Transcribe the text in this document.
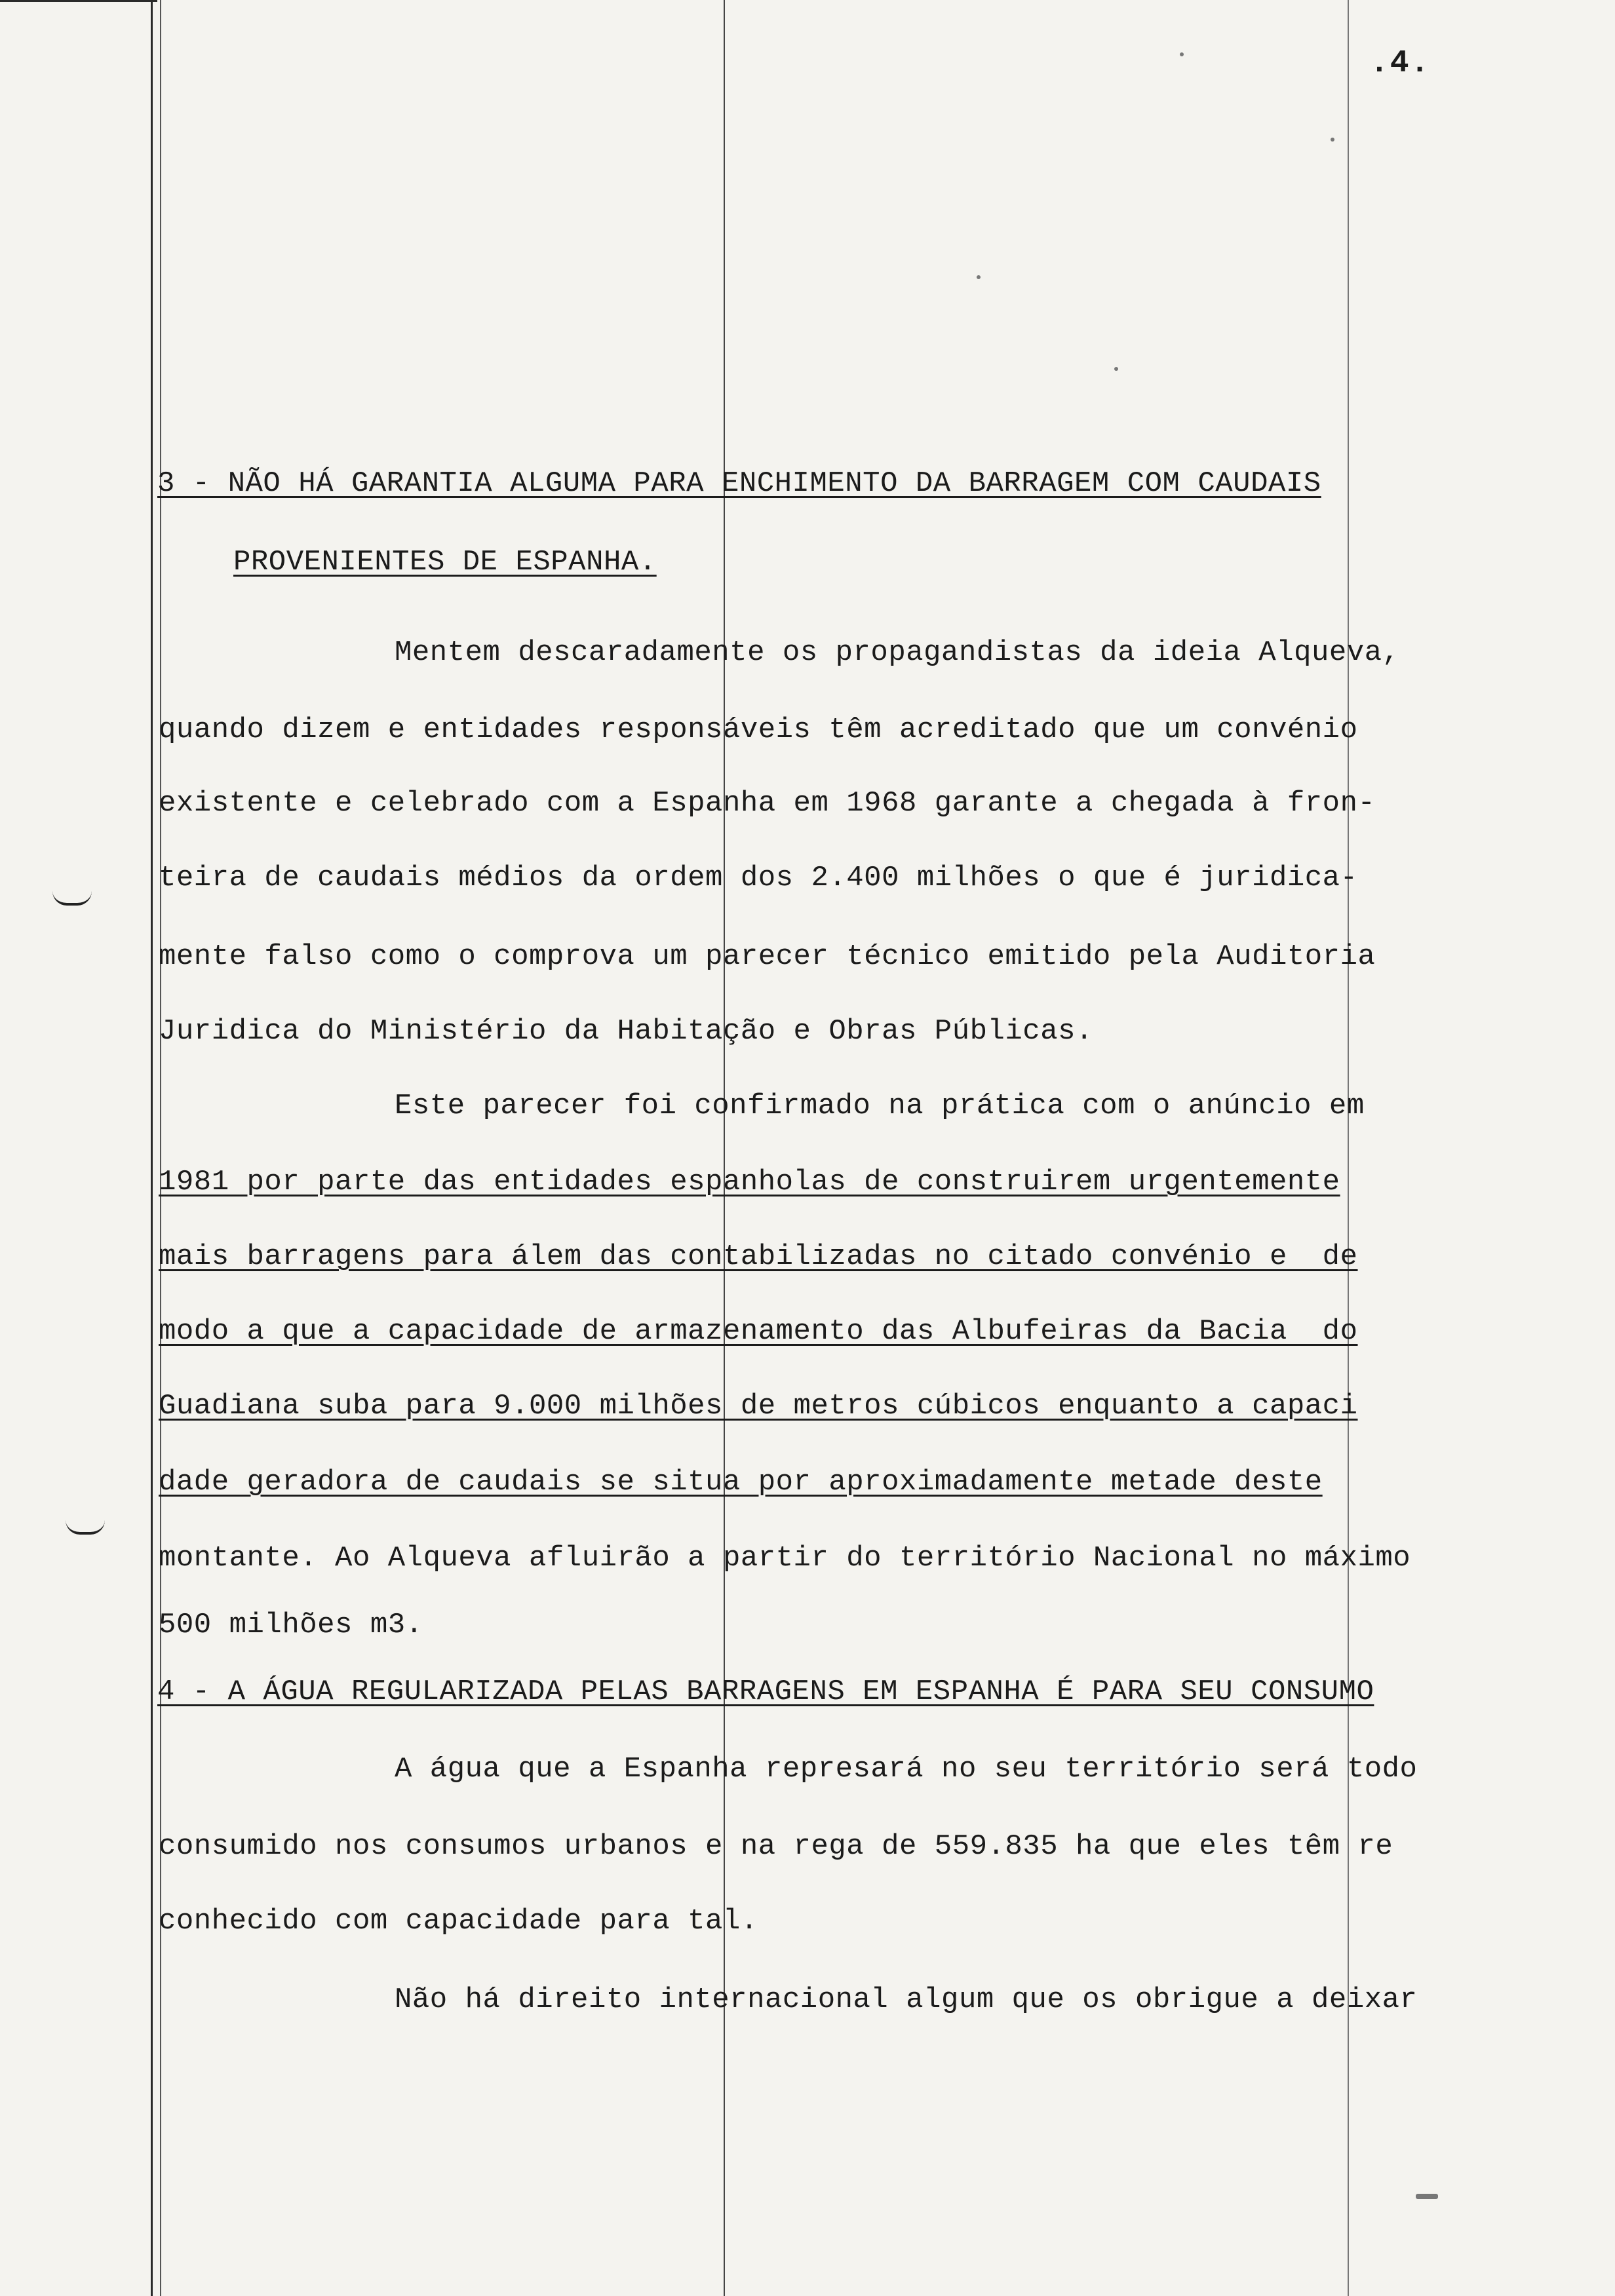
.4.
3 - NÃO HÁ GARANTIA ALGUMA PARA ENCHIMENTO DA BARRAGEM COM CAUDAIS
PROVENIENTES DE ESPANHA.
Mentem descaradamente os propagandistas da ideia Alqueva,
quando dizem e entidades responsáveis têm acreditado que um convénio
existente e celebrado com a Espanha em 1968 garante a chegada à fron-
teira de caudais médios da ordem dos 2.400 milhões o que é juridica-
mente falso como o comprova um parecer técnico emitido pela Auditoria
Juridica do Ministério da Habitação e Obras Públicas.
Este parecer foi confirmado na prática com o anúncio em
1981 por parte das entidades espanholas de construirem urgentemente
mais barragens para álem das contabilizadas no citado convénio e  de
modo a que a capacidade de armazenamento das Albufeiras da Bacia  do
Guadiana suba para 9.000 milhões de metros cúbicos enquanto a capaci
dade geradora de caudais se situa por aproximadamente metade deste
montante. Ao Alqueva afluirão a partir do território Nacional no máximo
500 milhões m3.
4 - A ÁGUA REGULARIZADA PELAS BARRAGENS EM ESPANHA É PARA SEU CONSUMO
A água que a Espanha represará no seu território será todo
consumido nos consumos urbanos e na rega de 559.835 ha que eles têm re
conhecido com capacidade para tal.
Não há direito internacional algum que os obrigue a deixar
